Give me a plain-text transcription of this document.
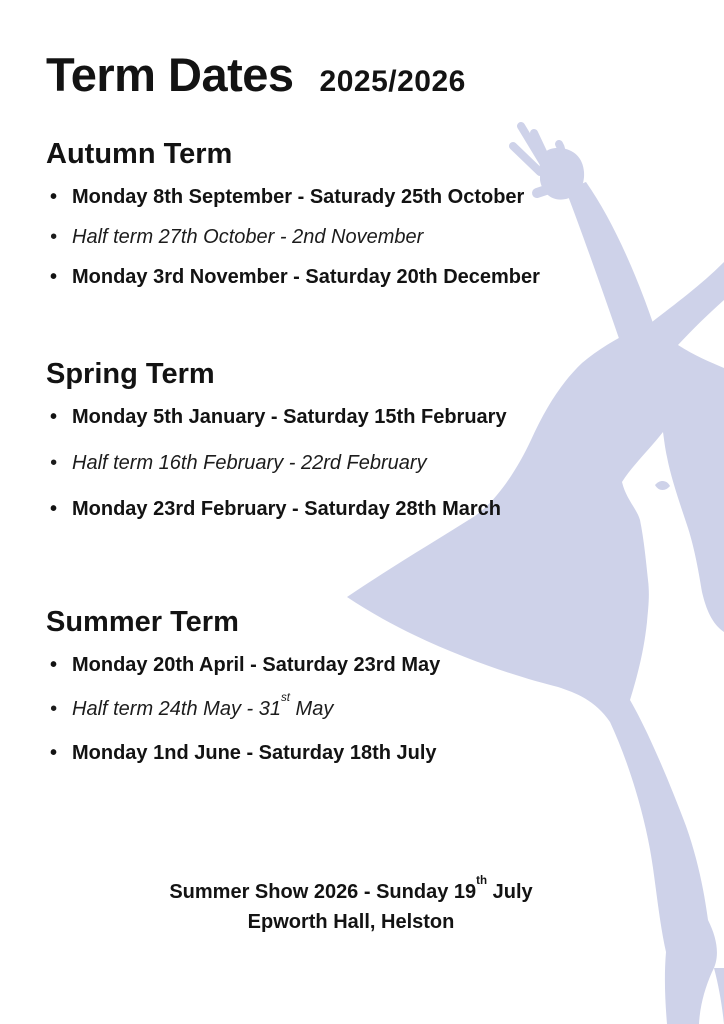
Term Dates 2025/2026
Autumn Term
• Monday 8th September - Saturady 25th October
• Half term 27th October - 2nd November
• Monday 3rd November - Saturday 20th December
Spring Term
• Monday 5th January - Saturday 15th February
• Half term 16th February - 22rd February
• Monday 23rd February - Saturday 28th March
Summer Term
• Monday 20th April - Saturday 23rd May
• Half term 24th May - 31st May
• Monday 1nd June - Saturday 18th July
Summer Show 2026 - Sunday 19th July
Epworth Hall, Helston
